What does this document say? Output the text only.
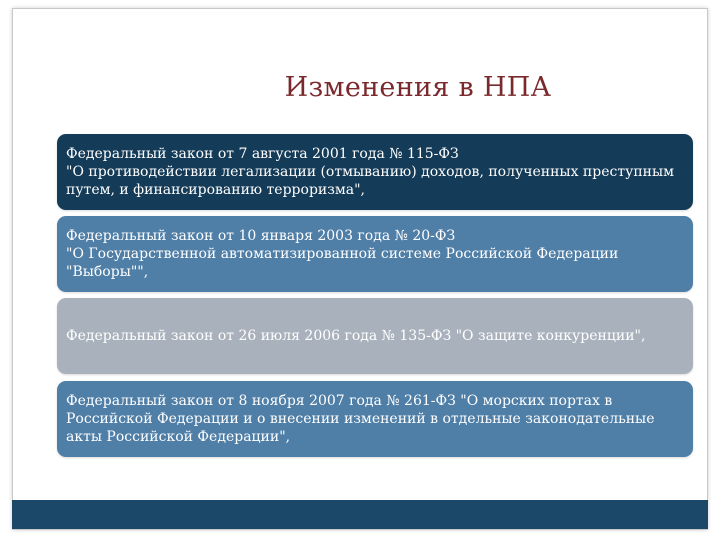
Изменения в НПА
Федеральный закон от 7 августа 2001 года № 115-ФЗ
"О противодействии легализации (отмыванию) доходов, полученных преступным путем, и финансированию терроризма",
Федеральный закон от 10 января 2003 года № 20-ФЗ
"О Государственной автоматизированной системе Российской Федерации "Выборы"",
Федеральный закон от 26 июля 2006 года № 135-ФЗ "О защите конкуренции",
Федеральный закон от 8 ноября 2007 года № 261-ФЗ "О морских портах в Российской Федерации и о внесении изменений в отдельные законодательные акты Российской Федерации",
